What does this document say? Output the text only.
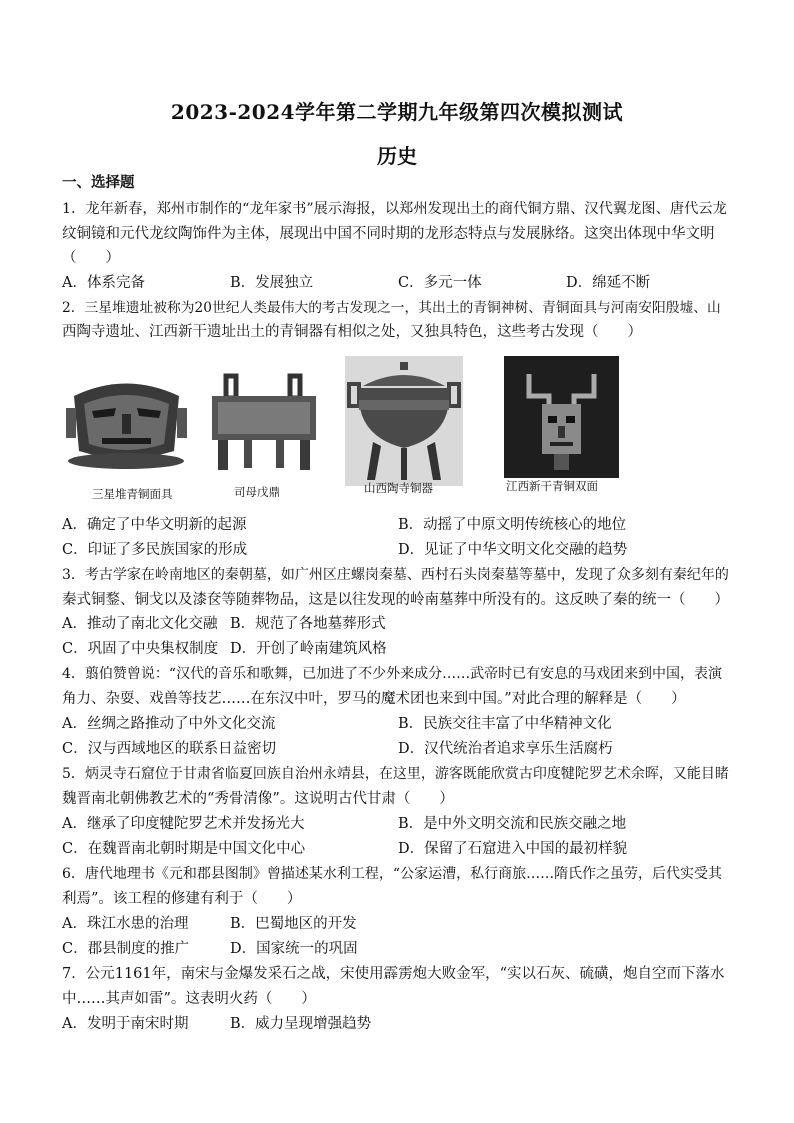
2023-2024学年第二学期九年级第四次模拟测试
历史
一、选择题
1．龙年新春，郑州市制作的“龙年家书”展示海报，以郑州发现出土的商代铜方鼎、汉代翼龙图、唐代云龙
纹铜镜和元代龙纹陶饰件为主体，展现出中国不同时期的龙形态特点与发展脉络。这突出体现中华文明
（　　）
A．体系完备	B．发展独立	C．多元一体	D．绵延不断
2．三星堆遗址被称为20世纪人类最伟大的考古发现之一，其出土的青铜神树、青铜面具与河南安阳殷墟、山
西陶寺遗址、江西新干遗址出土的青铜器有相似之处，又独具特色，这些考古发现（　　）
三星堆青铜面具	司母戊鼎	山西陶寺铜器	江西新干青铜双面
A．确定了中华文明新的起源	B．动摇了中原文明传统核心的地位
C．印证了多民族国家的形成	D．见证了中华文明文化交融的趋势
3．考古学家在岭南地区的秦朝墓，如广州区庄螺岗秦墓、西村石头岗秦墓等墓中，发现了众多刻有秦纪年的
秦式铜鍪、铜戈以及漆奁等随葬物品，这是以往发现的岭南墓葬中所没有的。这反映了秦的统一（　　）
A．推动了南北文化交融 B．规范了各地墓葬形式
C．巩固了中央集权制度 D．开创了岭南建筑风格
4．翦伯赞曾说：“汉代的音乐和歌舞，已加进了不少外来成分……武帝时已有安息的马戏团来到中国，表演
角力、杂耍、戏兽等技艺……在东汉中叶，罗马的魔术团也来到中国。”对此合理的解释是（　　）
A．丝绸之路推动了中外文化交流	B．民族交往丰富了中华精神文化
C．汉与西域地区的联系日益密切	D．汉代统治者追求享乐生活腐朽
5．炳灵寺石窟位于甘肃省临夏回族自治州永靖县，在这里，游客既能欣赏古印度犍陀罗艺术余晖，又能目睹
魏晋南北朝佛教艺术的“秀骨清像”。这说明古代甘肃（　　）
A．继承了印度犍陀罗艺术并发扬光大	B．是中外文明交流和民族交融之地
C．在魏晋南北朝时期是中国文化中心	D．保留了石窟进入中国的最初样貌
6．唐代地理书《元和郡县图制》曾描述某水利工程，“公家运漕，私行商旅……隋氏作之虽劳，后代实受其
利焉”。该工程的修建有利于（　　）
A．珠江水患的治理	B．巴蜀地区的开发
C．郡县制度的推广	D．国家统一的巩固
7．公元1161年，南宋与金爆发采石之战，宋使用霹雳炮大败金军，“实以石灰、硫磺，炮自空而下落水
中……其声如雷”。这表明火药（　　）
A．发明于南宋时期	B．威力呈现增强趋势
